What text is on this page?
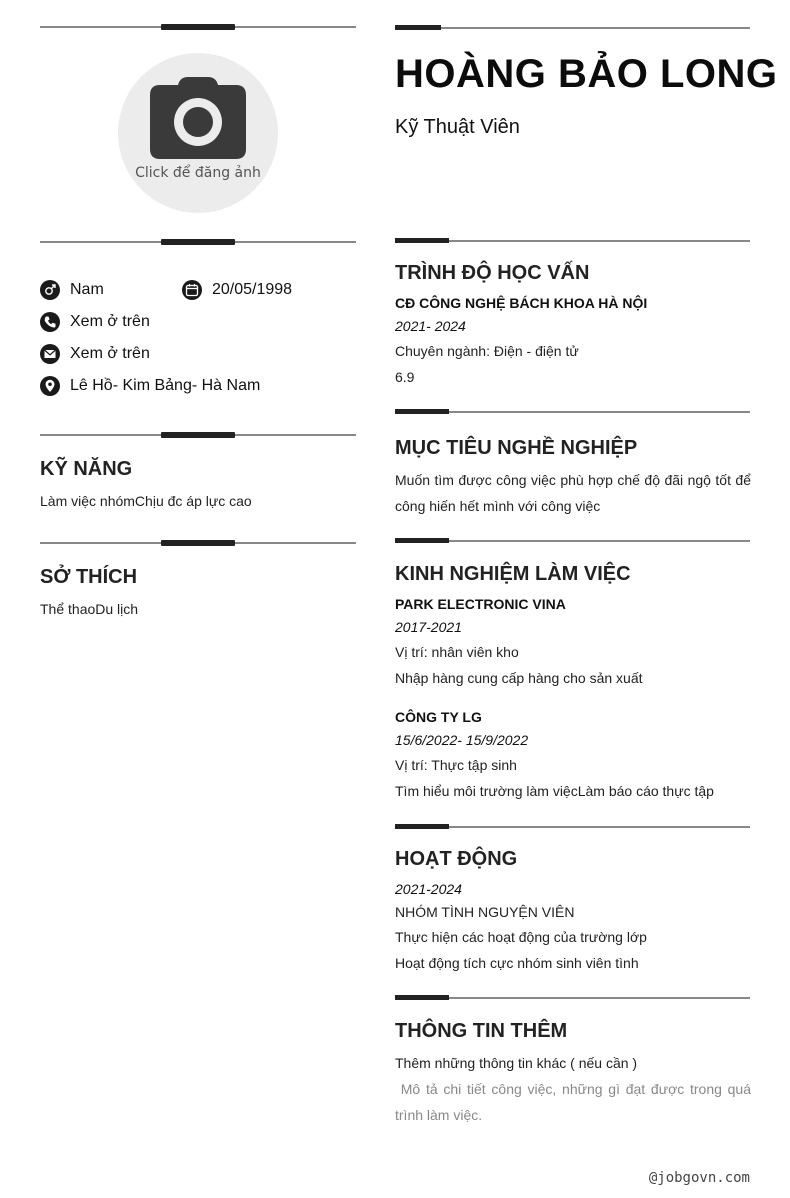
Click để đăng ảnh
Nam	20/05/1998
Xem ở trên
Xem ở trên
Lê Hồ- Kim Bảng- Hà Nam
KỸ NĂNG
Làm việc nhómChịu đc áp lực cao
SỞ THÍCH
Thể thaoDu lịch
HOÀNG BẢO LONG
Kỹ Thuật Viên
TRÌNH ĐỘ HỌC VẤN
CĐ CÔNG NGHỆ BÁCH KHOA HÀ NỘI
2021- 2024
Chuyên ngành: Điện - điện tử
6.9
MỤC TIÊU NGHỀ NGHIỆP
Muốn tìm được công việc phù hợp chế độ đãi ngộ tốt để công hiến hết mình với công việc
KINH NGHIỆM LÀM VIỆC
PARK ELECTRONIC VINA
2017-2021
Vị trí: nhân viên kho
Nhập hàng cung cấp hàng cho sản xuất
CÔNG TY LG
15/6/2022- 15/9/2022
Vị trí: Thực tập sinh
Tìm hiểu môi trường làm việcLàm báo cáo thực tập
HOẠT ĐỘNG
2021-2024
NHÓM TÌNH NGUYỆN VIÊN
Thực hiện các hoạt động của trường lớp
Hoạt động tích cực nhóm sinh viên tình
THÔNG TIN THÊM
Thêm những thông tin khác ( nếu cần )
Mô tả chi tiết công việc, những gì đạt được trong quá trình làm việc.
@jobgovn.com
